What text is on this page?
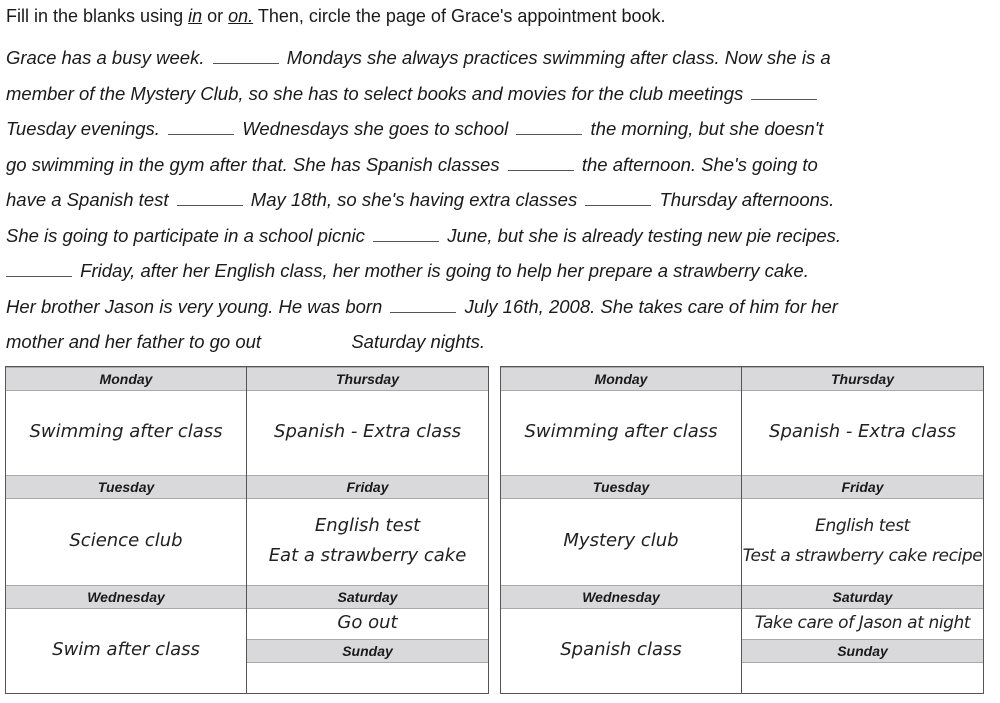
Fill in the blanks using in or on. Then, circle the page of Grace's appointment book.
Grace has a busy week.	Mondays she always practices swimming after class. Now she is a
member of the Mystery Club, so she has to select books and movies for the club meetings
Tuesday evenings.	Wednesdays she goes to school	the morning, but she doesn't
go swimming in the gym after that. She has Spanish classes	the afternoon. She's going to
have a Spanish test	May 18th, so she's having extra classes	Thursday afternoons.
She is going to participate in a school picnic	June, but she is already testing new pie recipes.
Friday, after her English class, her mother is going to help her prepare a strawberry cake.
Her brother Jason is very young. He was born	July 16th, 2008. She takes care of him for her
mother and her father to go out	Saturday nights.
Monday
Swimming after class
Tuesday
Science club
Wednesday
Swim after class
Thursday
Spanish - Extra class
Friday
English test
Eat a strawberry cake
Saturday
Go out
Sunday
Monday
Swimming after class
Tuesday
Mystery club
Wednesday
Spanish class
Thursday
Spanish - Extra class
Friday
English test
Test a strawberry cake recipe
Saturday
Take care of Jason at night
Sunday
